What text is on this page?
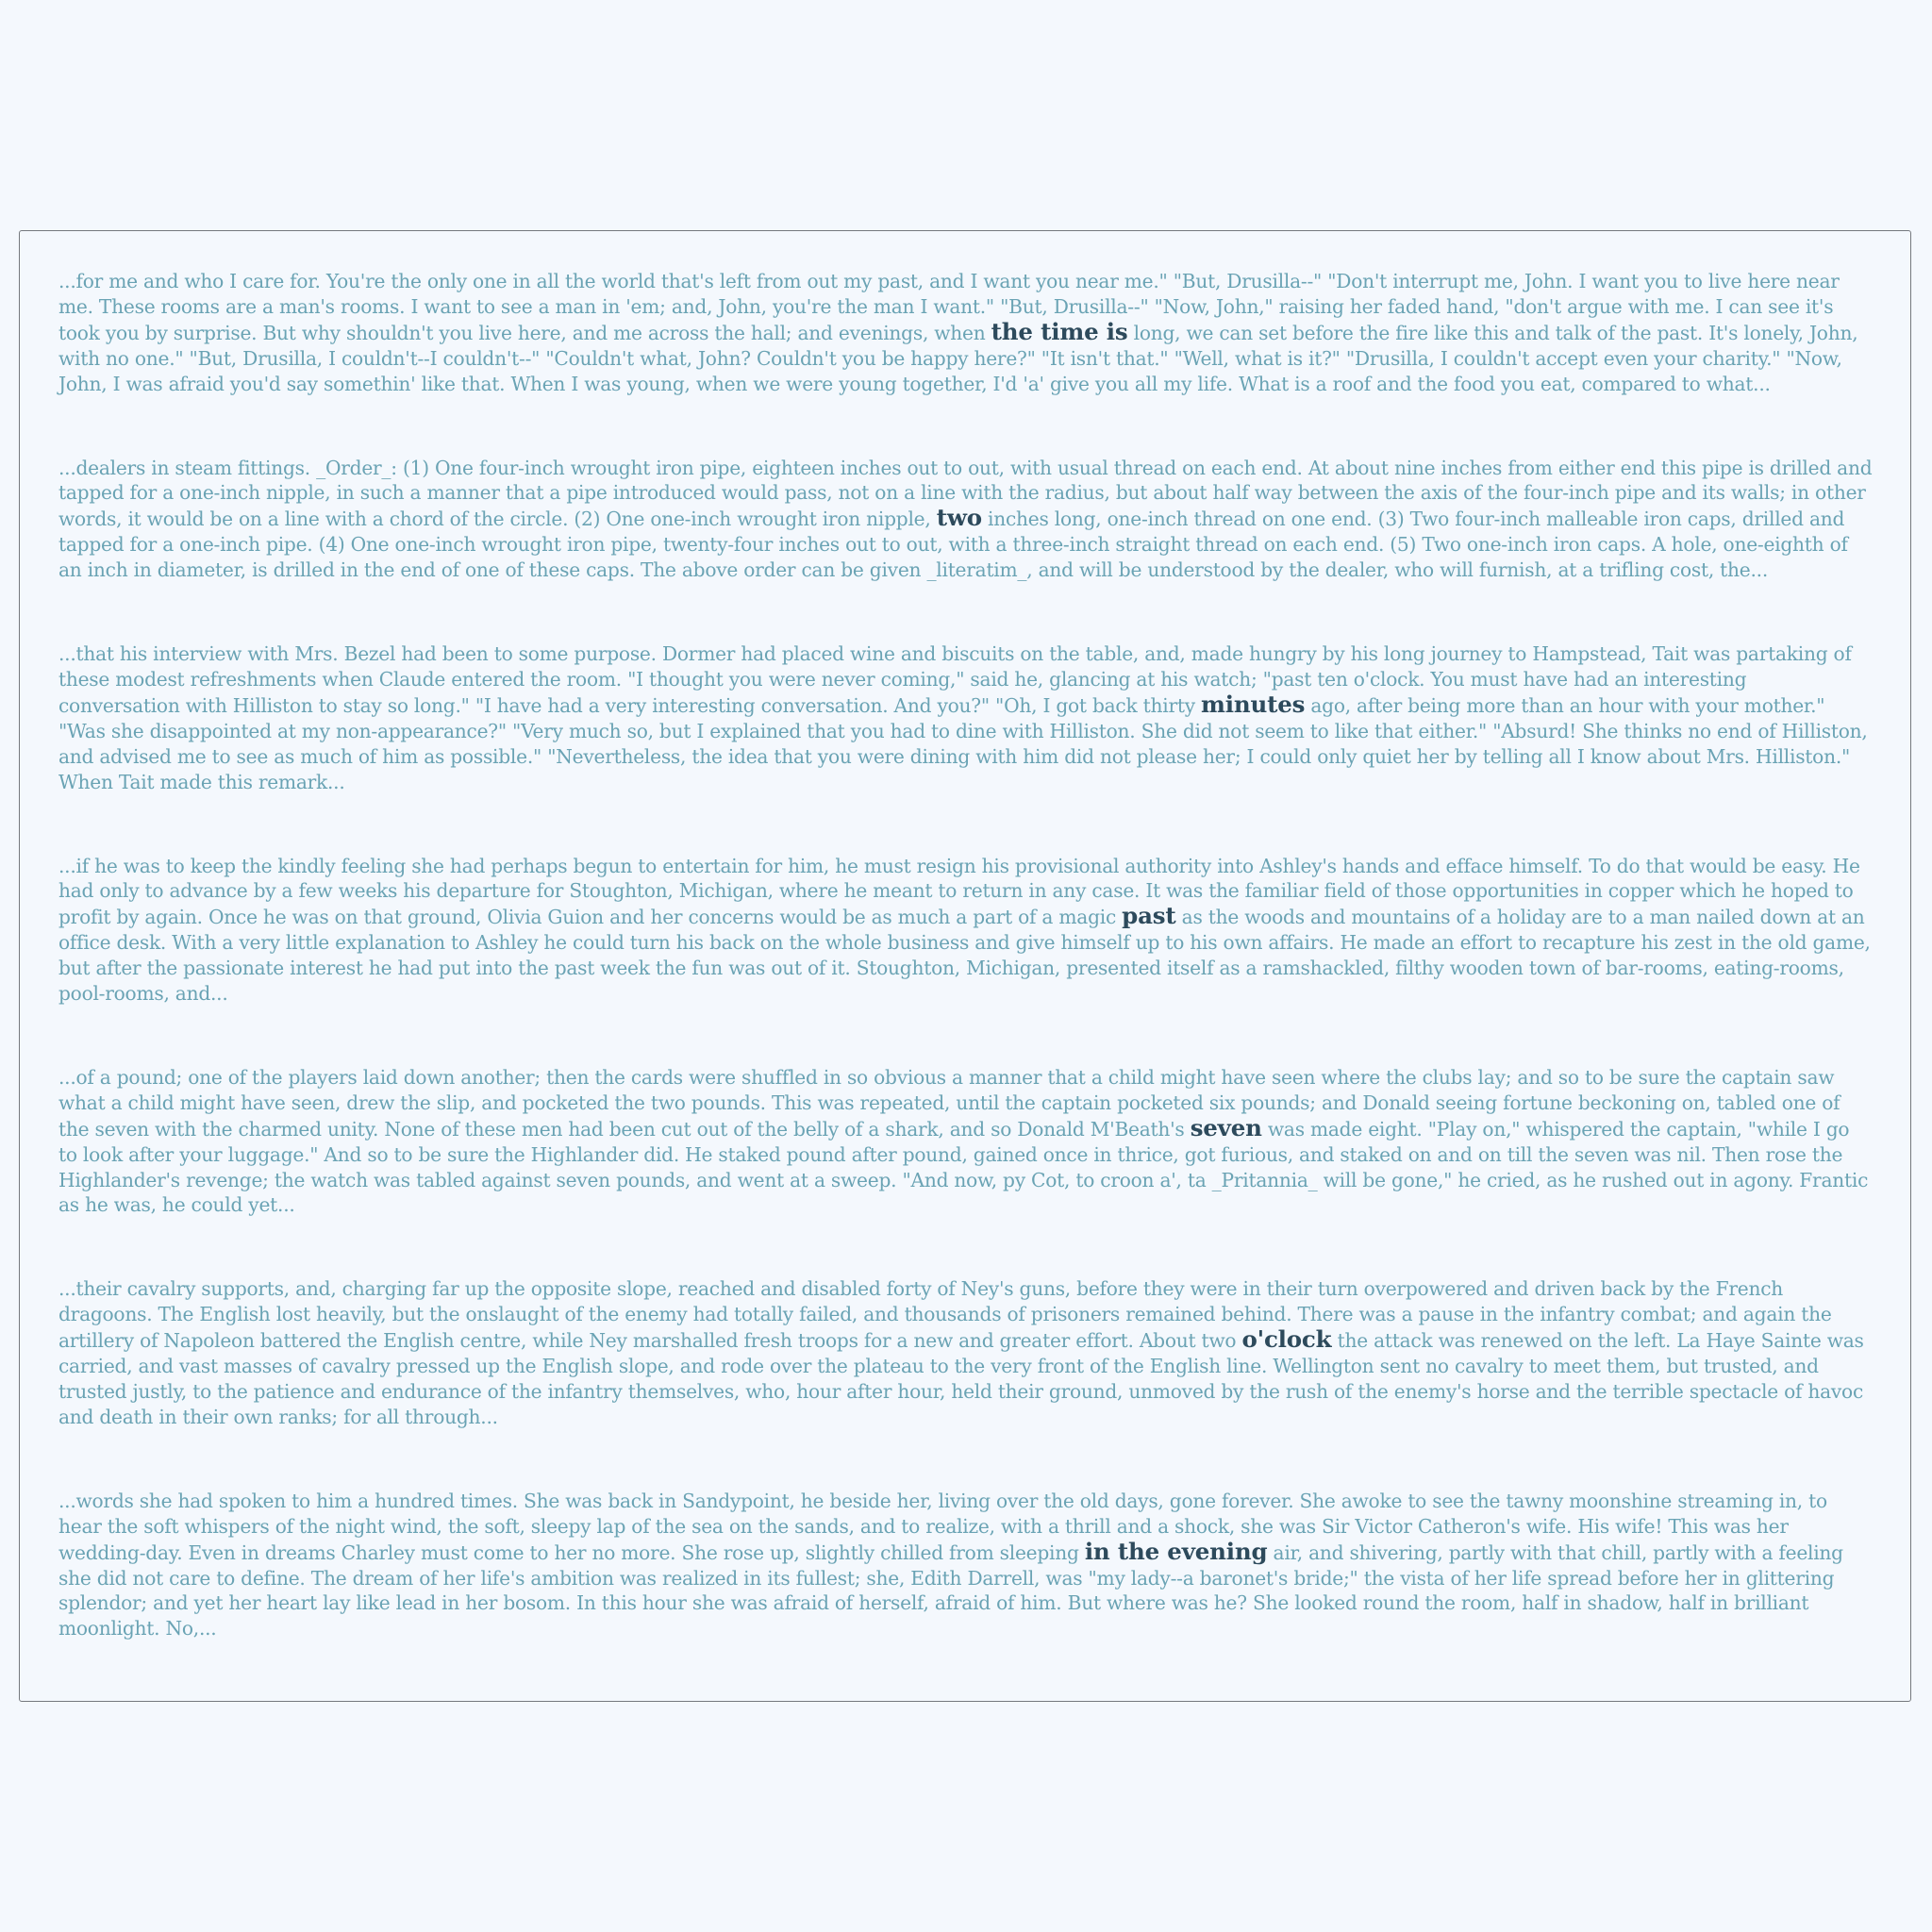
...for me and who I care for. You're the only one in all the world that's left from out my past, and I want you near me." "But, Drusilla--" "Don't interrupt me, John. I want you to live here near me. These rooms are a man's rooms. I want to see a man in 'em; and, John, you're the man I want." "But, Drusilla--" "Now, John," raising her faded hand, "don't argue with me. I can see it's took you by surprise. But why shouldn't you live here, and me across the hall; and evenings, when the time is long, we can set before the fire like this and talk of the past. It's lonely, John, with no one." "But, Drusilla, I couldn't--I couldn't--" "Couldn't what, John? Couldn't you be happy here?" "It isn't that." "Well, what is it?" "Drusilla, I couldn't accept even your charity." "Now, John, I was afraid you'd say somethin' like that. When I was young, when we were young together, I'd 'a' give you all my life. What is a roof and the food you eat, compared to what...

...dealers in steam fittings. _Order_: (1) One four-inch wrought iron pipe, eighteen inches out to out, with usual thread on each end. At about nine inches from either end this pipe is drilled and tapped for a one-inch nipple, in such a manner that a pipe introduced would pass, not on a line with the radius, but about half way between the axis of the four-inch pipe and its walls; in other words, it would be on a line with a chord of the circle. (2) One one-inch wrought iron nipple, two inches long, one-inch thread on one end. (3) Two four-inch malleable iron caps, drilled and tapped for a one-inch pipe. (4) One one-inch wrought iron pipe, twenty-four inches out to out, with a three-inch straight thread on each end. (5) Two one-inch iron caps. A hole, one-eighth of an inch in diameter, is drilled in the end of one of these caps. The above order can be given _literatim_, and will be understood by the dealer, who will furnish, at a trifling cost, the...

...that his interview with Mrs. Bezel had been to some purpose. Dormer had placed wine and biscuits on the table, and, made hungry by his long journey to Hampstead, Tait was partaking of these modest refreshments when Claude entered the room. "I thought you were never coming," said he, glancing at his watch; "past ten o'clock. You must have had an interesting conversation with Hilliston to stay so long." "I have had a very interesting conversation. And you?" "Oh, I got back thirty minutes ago, after being more than an hour with your mother." "Was she disappointed at my non-appearance?" "Very much so, but I explained that you had to dine with Hilliston. She did not seem to like that either." "Absurd! She thinks no end of Hilliston, and advised me to see as much of him as possible." "Nevertheless, the idea that you were dining with him did not please her; I could only quiet her by telling all I know about Mrs. Hilliston." When Tait made this remark...

...if he was to keep the kindly feeling she had perhaps begun to entertain for him, he must resign his provisional authority into Ashley's hands and efface himself. To do that would be easy. He had only to advance by a few weeks his departure for Stoughton, Michigan, where he meant to return in any case. It was the familiar field of those opportunities in copper which he hoped to profit by again. Once he was on that ground, Olivia Guion and her concerns would be as much a part of a magic past as the woods and mountains of a holiday are to a man nailed down at an office desk. With a very little explanation to Ashley he could turn his back on the whole business and give himself up to his own affairs. He made an effort to recapture his zest in the old game, but after the passionate interest he had put into the past week the fun was out of it. Stoughton, Michigan, presented itself as a ramshackled, filthy wooden town of bar-rooms, eating-rooms, pool-rooms, and...

...of a pound; one of the players laid down another; then the cards were shuffled in so obvious a manner that a child might have seen where the clubs lay; and so to be sure the captain saw what a child might have seen, drew the slip, and pocketed the two pounds. This was repeated, until the captain pocketed six pounds; and Donald seeing fortune beckoning on, tabled one of the seven with the charmed unity. None of these men had been cut out of the belly of a shark, and so Donald M'Beath's seven was made eight. "Play on," whispered the captain, "while I go to look after your luggage." And so to be sure the Highlander did. He staked pound after pound, gained once in thrice, got furious, and staked on and on till the seven was nil. Then rose the Highlander's revenge; the watch was tabled against seven pounds, and went at a sweep. "And now, py Cot, to croon a', ta _Pritannia_ will be gone," he cried, as he rushed out in agony. Frantic as he was, he could yet...

...their cavalry supports, and, charging far up the opposite slope, reached and disabled forty of Ney's guns, before they were in their turn overpowered and driven back by the French dragoons. The English lost heavily, but the onslaught of the enemy had totally failed, and thousands of prisoners remained behind. There was a pause in the infantry combat; and again the artillery of Napoleon battered the English centre, while Ney marshalled fresh troops for a new and greater effort. About two o'clock the attack was renewed on the left. La Haye Sainte was carried, and vast masses of cavalry pressed up the English slope, and rode over the plateau to the very front of the English line. Wellington sent no cavalry to meet them, but trusted, and trusted justly, to the patience and endurance of the infantry themselves, who, hour after hour, held their ground, unmoved by the rush of the enemy's horse and the terrible spectacle of havoc and death in their own ranks; for all through...

...words she had spoken to him a hundred times. She was back in Sandypoint, he beside her, living over the old days, gone forever. She awoke to see the tawny moonshine streaming in, to hear the soft whispers of the night wind, the soft, sleepy lap of the sea on the sands, and to realize, with a thrill and a shock, she was Sir Victor Catheron's wife. His wife! This was her wedding-day. Even in dreams Charley must come to her no more. She rose up, slightly chilled from sleeping in the evening air, and shivering, partly with that chill, partly with a feeling she did not care to define. The dream of her life's ambition was realized in its fullest; she, Edith Darrell, was "my lady--a baronet's bride;" the vista of her life spread before her in glittering splendor; and yet her heart lay like lead in her bosom. In this hour she was afraid of herself, afraid of him. But where was he? She looked round the room, half in shadow, half in brilliant moonlight. No,...
